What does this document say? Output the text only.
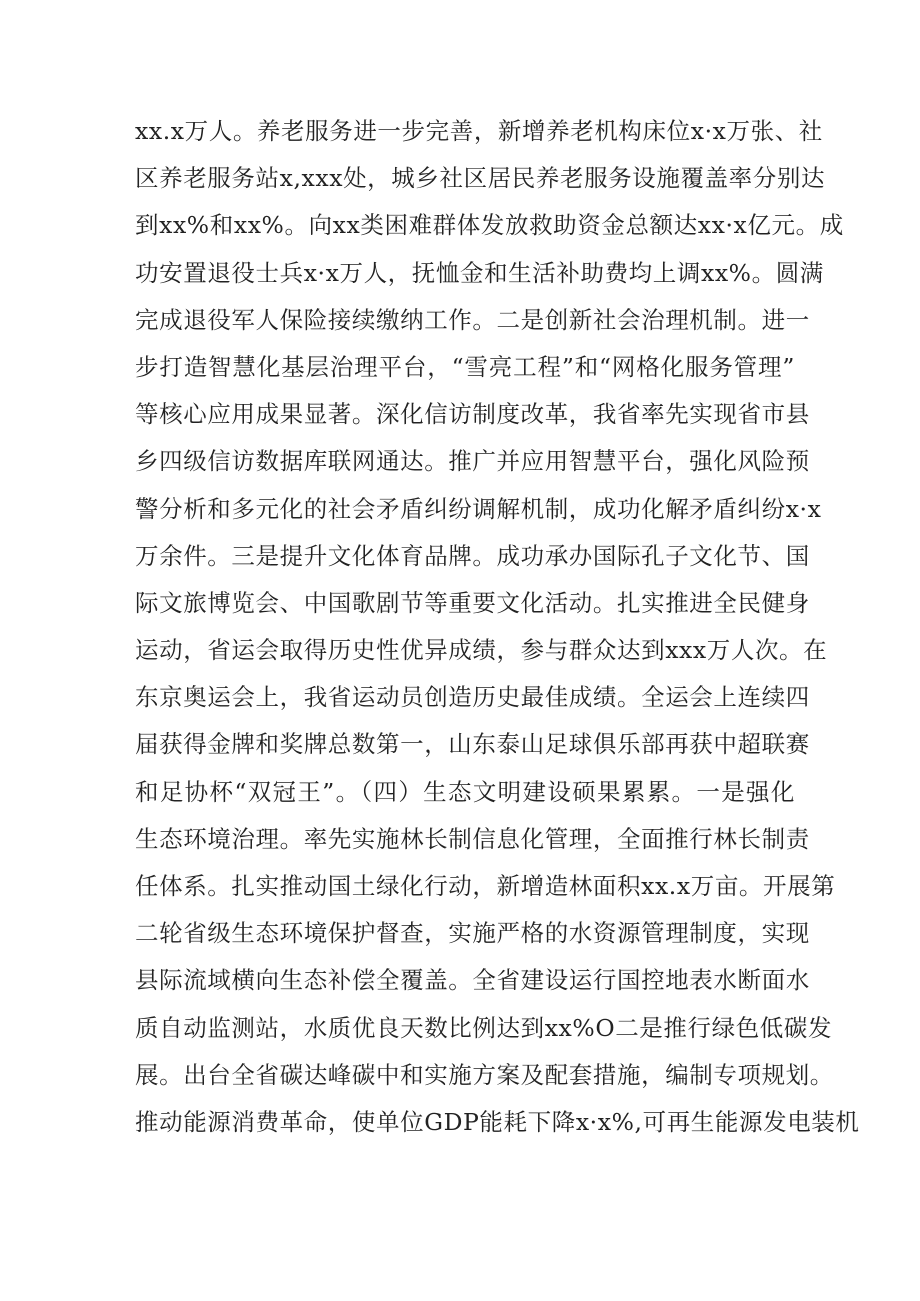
xx.x万人。养老服务进一步完善，新增养老机构床位x·x万张、社
区养老服务站x,xxx处，城乡社区居民养老服务设施覆盖率分别达
到xx%和xx%。向xx类困难群体发放救助资金总额达xx·x亿元。成
功安置退役士兵x·x万人，抚恤金和生活补助费均上调xx%。圆满
完成退役军人保险接续缴纳工作。二是创新社会治理机制。进一
步打造智慧化基层治理平台，“雪亮工程”和“网格化服务管理”
等核心应用成果显著。深化信访制度改革，我省率先实现省市县
乡四级信访数据库联网通达。推广并应用智慧平台，强化风险预
警分析和多元化的社会矛盾纠纷调解机制，成功化解矛盾纠纷x·x
万余件。三是提升文化体育品牌。成功承办国际孔子文化节、国
际文旅博览会、中国歌剧节等重要文化活动。扎实推进全民健身
运动，省运会取得历史性优异成绩，参与群众达到xxx万人次。在
东京奥运会上，我省运动员创造历史最佳成绩。全运会上连续四
届获得金牌和奖牌总数第一，山东泰山足球俱乐部再获中超联赛
和足协杯“双冠王”。（四）生态文明建设硕果累累。一是强化
生态环境治理。率先实施林长制信息化管理，全面推行林长制责
任体系。扎实推动国土绿化行动，新增造林面积xx.x万亩。开展第
二轮省级生态环境保护督查，实施严格的水资源管理制度，实现
县际流域横向生态补偿全覆盖。全省建设运行国控地表水断面水
质自动监测站，水质优良天数比例达到xx%O二是推行绿色低碳发
展。出台全省碳达峰碳中和实施方案及配套措施，编制专项规划。
推动能源消费革命，使单位GDP能耗下降x·x%,可再生能源发电装机
